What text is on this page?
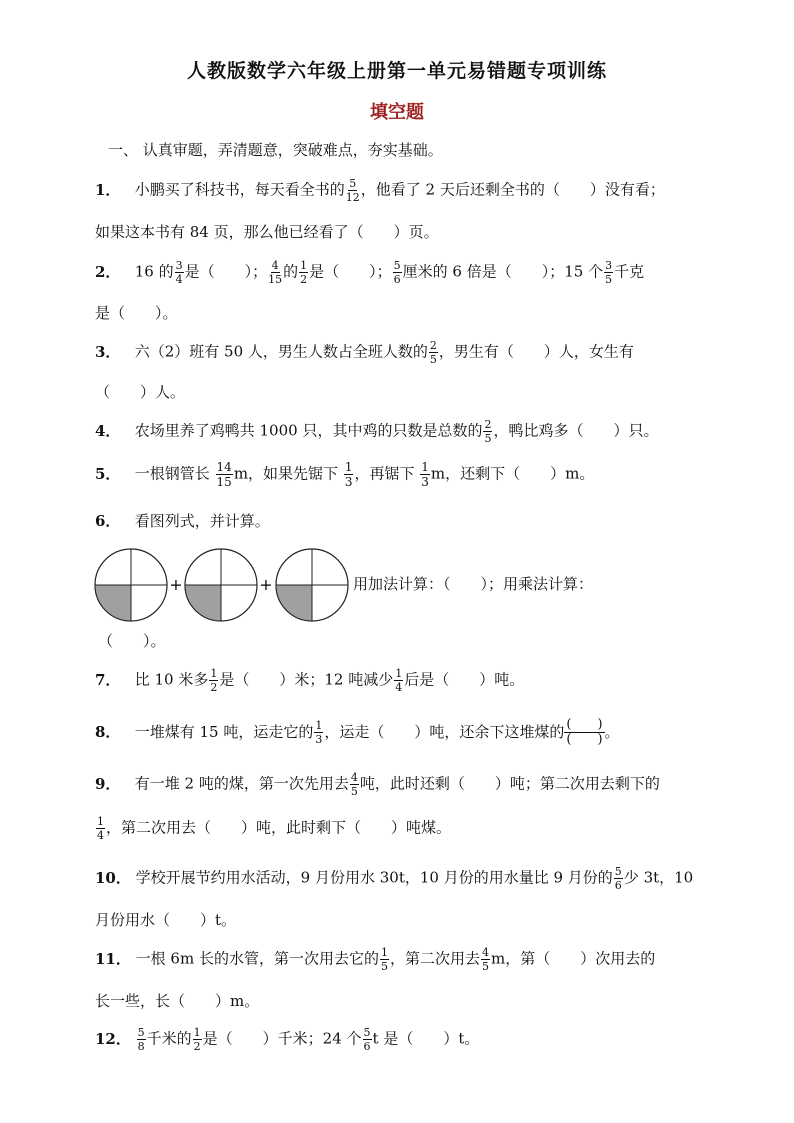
人教版数学六年级上册第一单元易错题专项训练
填空题
一、 认真审题，弄清题意，突破难点，夯实基础。
1． 小鹏买了科技书，每天看全书的 $\frac{5}{12}$ ，他看了 2 天后还剩全书的（　　）没有看；
如果这本书有 84 页，那么他已经看了（　　）页。
2． 16 的 $\frac{3}{4}$ 是（　　）； $\frac{4}{15}$ 的 $\frac{1}{2}$ 是（　　）； $\frac{5}{6}$ 厘米的 6 倍是（　　）；15 个 $\frac{3}{5}$ 千克
是（　　）。
3． 六（2）班有 50 人，男生人数占全班人数的 $\frac{2}{5}$ ，男生有（　　）人，女生有
（　　）人。
4． 农场里养了鸡鸭共 1000 只，其中鸡的只数是总数的 $\frac{2}{5}$ ，鸭比鸡多（　　）只。
5． 一根钢管长 $\frac{14}{15}$ m，如果先锯下 $\frac{1}{3}$ ，再锯下 $\frac{1}{3}$ m，还剩下（　　）m。
6． 看图列式，并计算。
+	+	用加法计算：（　　）；用乘法计算：
（　　）。
7． 比 10 米多 $\frac{1}{2}$ 是（　　）米；12 吨减少 $\frac{1}{4}$ 后是（　　）吨。
8． 一堆煤有 15 吨，运走它的 $\frac{1}{3}$ ，运走（　　）吨，还余下这堆煤的 (　　)
(　　) 。
9． 有一堆 2 吨的煤，第一次先用去 $\frac{4}{5}$ 吨，此时还剩（　　）吨；第二次用去剩下的
$\frac{1}{4}$ ，第二次用去（　　）吨，此时剩下（　　）吨煤。
10． 学校开展节约用水活动，9 月份用水 30t，10 月份的用水量比 9 月份的 $\frac{5}{6}$ 少 3t，10
月份用水（　　）t。
11． 一根 6m 长的水管，第一次用去它的 $\frac{1}{5}$ ，第二次用去 $\frac{4}{5}$ m，第（　　）次用去的
长一些，长（　　）m。
12． $\frac{5}{8}$ 千米的 $\frac{1}{2}$ 是（　　）千米；24 个 $\frac{5}{6}$ t 是（　　）t。
